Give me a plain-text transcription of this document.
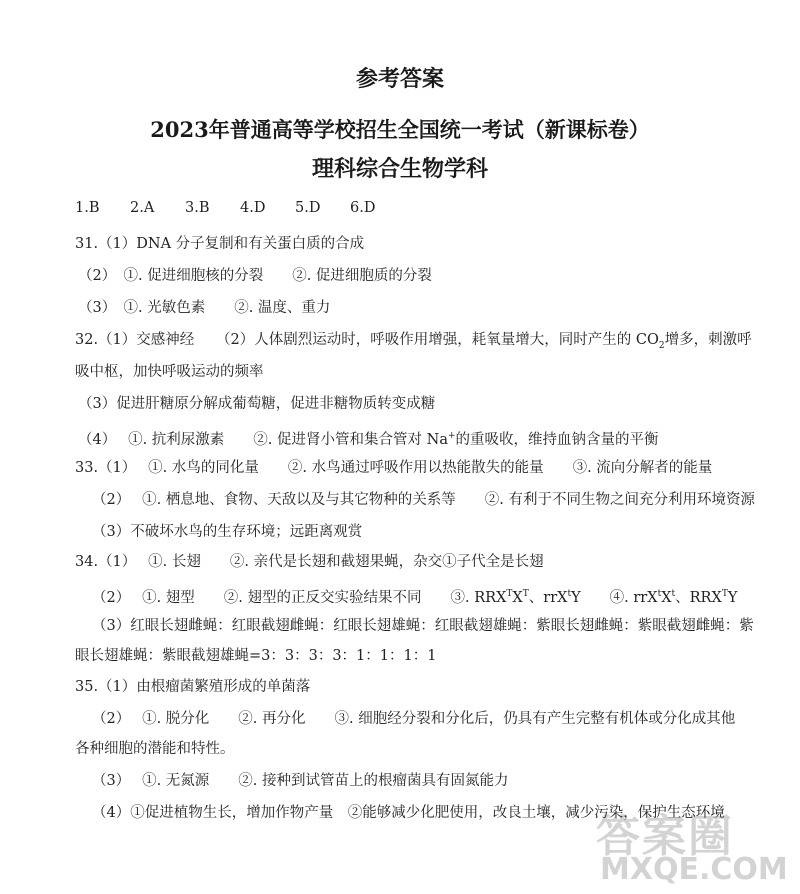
参考答案
2023年普通高等学校招生全国统一考试（新课标卷）
理科综合生物学科
1.B 2.A 3.B 4.D 5.D 6.D
31.（1）DNA 分子复制和有关蛋白质的合成
（2）　①. 促进细胞核的分裂　　②. 促进细胞质的分裂
（3）　①. 光敏色素　　②. 温度、重力
32.（1）交感神经　　（2）人体剧烈运动时，呼吸作用增强，耗氧量增大，同时产生的 $CO_2$增多，刺激呼
吸中枢，加快呼吸运动的频率
（3）促进肝糖原分解成葡萄糖，促进非糖物质转变成糖
（4）　 ①. 抗利尿激素　　②. 促进肾小管和集合管对 Na+的重吸收，维持血钠含量的平衡
33.（1）　 ①. 水鸟的同化量　　②. 水鸟通过呼吸作用以热能散失的能量　　③. 流向分解者的能量
（2）　 ①. 栖息地、食物、天敌以及与其它物种的关系等　　②. 有利于不同生物之间充分利用环境资源
（3）不破坏水鸟的生存环境；远距离观赏
34.（1）　 ①. 长翅　　②. 亲代是长翅和截翅果蝇，杂交①子代全是长翅
（2）　 ①. 翅型　　②. 翅型的正反交实验结果不同　　③. $RRX^TX^T$、rrX$^t$Y　　④. $rrX^tX^t$、$RRX^TY$
（3）红眼长翅雌蝇：红眼截翅雌蝇：红眼长翅雄蝇：红眼截翅雄蝇：紫眼长翅雌蝇：紫眼截翅雌蝇：紫
眼长翅雄蝇：紫眼截翅雄蝇=3：3：3：3：1：1：1：1
35.（1）由根瘤菌繁殖形成的单菌落
（2）　 ①. 脱分化　　②. 再分化　　③. 细胞经分裂和分化后，仍具有产生完整有机体或分化成其他
各种细胞的潜能和特性。
（3）　 ①. 无氮源　　②. 接种到试管苗上的根瘤菌具有固氮能力
（4）①促进植物生长，增加作物产量　②能够减少化肥使用，改良土壤，减少污染，保护生态环境
答案圈
MXQE.COM
